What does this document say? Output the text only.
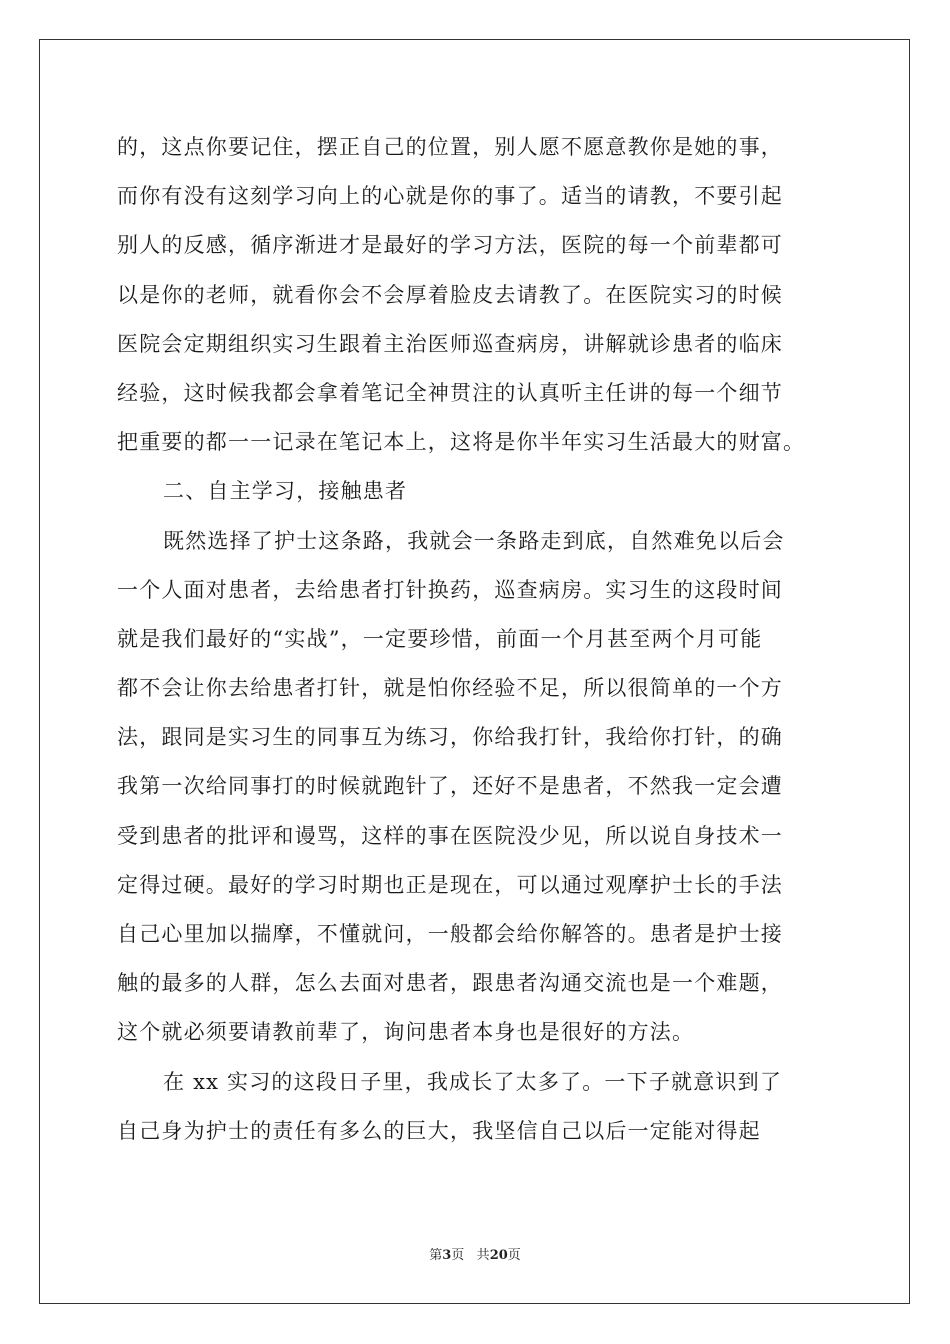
的，这点你要记住，摆正自己的位置，别人愿不愿意教你是她的事，
而你有没有这刻学习向上的心就是你的事了。适当的请教，不要引起
别人的反感，循序渐进才是最好的学习方法，医院的每一个前辈都可
以是你的老师，就看你会不会厚着脸皮去请教了。在医院实习的时候
医院会定期组织实习生跟着主治医师巡查病房，讲解就诊患者的临床
经验，这时候我都会拿着笔记全神贯注的认真听主任讲的每一个细节
把重要的都一一记录在笔记本上，这将是你半年实习生活最大的财富。
二、自主学习，接触患者
既然选择了护士这条路，我就会一条路走到底，自然难免以后会
一个人面对患者，去给患者打针换药，巡查病房。实习生的这段时间
就是我们最好的“实战”，一定要珍惜，前面一个月甚至两个月可能
都不会让你去给患者打针，就是怕你经验不足，所以很简单的一个方
法，跟同是实习生的同事互为练习，你给我打针，我给你打针，的确
我第一次给同事打的时候就跑针了，还好不是患者，不然我一定会遭
受到患者的批评和谩骂，这样的事在医院没少见，所以说自身技术一
定得过硬。最好的学习时期也正是现在，可以通过观摩护士长的手法
自己心里加以揣摩，不懂就问，一般都会给你解答的。患者是护士接
触的最多的人群，怎么去面对患者，跟患者沟通交流也是一个难题，
这个就必须要请教前辈了，询问患者本身也是很好的方法。
在 xx 实习的这段日子里，我成长了太多了。一下子就意识到了
自己身为护士的责任有多么的巨大，我坚信自己以后一定能对得起
第3页 共20页
